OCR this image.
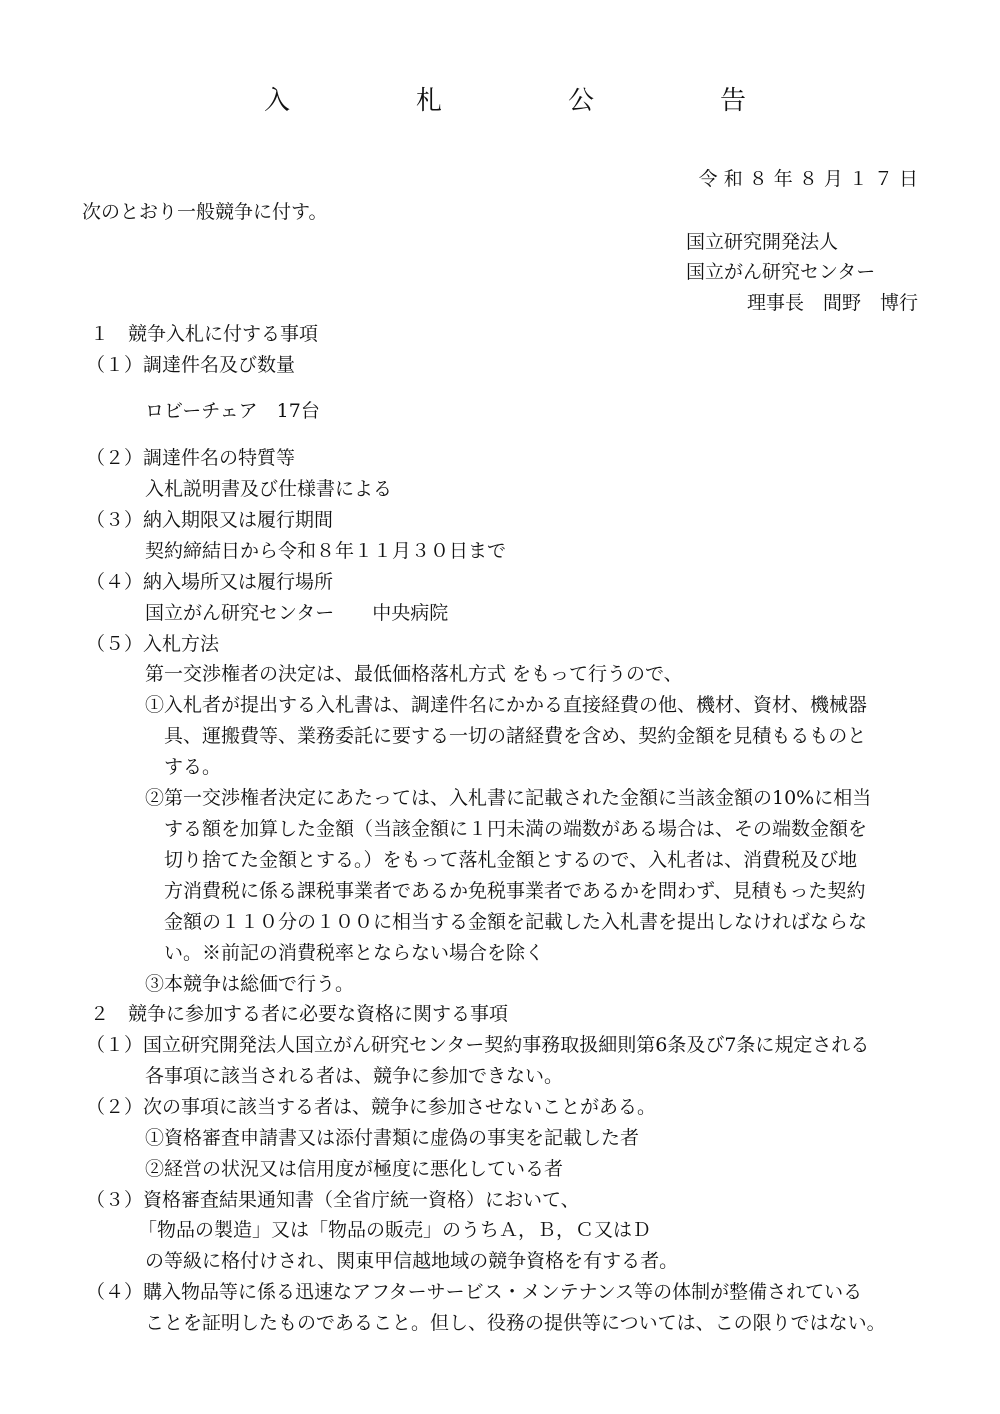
入　札　公　告
令 和 ８ 年 ８ 月 １ ７ 日
次のとおり一般競争に付す。
国立研究開発法人
国立がん研究センター
理事長　間野　博行
１　競争入札に付する事項
（１）調達件名及び数量
ロビーチェア　17台
（２）調達件名の特質等
入札説明書及び仕様書による
（３）納入期限又は履行期間
契約締結日から令和８年１１月３０日まで
（４）納入場所又は履行場所
国立がん研究センター　　中央病院
（５）入札方法
第一交渉権者の決定は、最低価格落札方式 をもって行うので、
①入札者が提出する入札書は、調達件名にかかる直接経費の他、機材、資材、機械器
具、運搬費等、業務委託に要する一切の諸経費を含め、契約金額を見積もるものと
する。
②第一交渉権者決定にあたっては、入札書に記載された金額に当該金額の10%に相当
する額を加算した金額（当該金額に１円未満の端数がある場合は、その端数金額を
切り捨てた金額とする。）をもって落札金額とするので、入札者は、消費税及び地
方消費税に係る課税事業者であるか免税事業者であるかを問わず、見積もった契約
金額の１１０分の１００に相当する金額を記載した入札書を提出しなければならな
い。※前記の消費税率とならない場合を除く
③本競争は総価で行う。
２　競争に参加する者に必要な資格に関する事項
（１）国立研究開発法人国立がん研究センター契約事務取扱細則第6条及び7条に規定される
各事項に該当される者は、競争に参加できない。
（２）次の事項に該当する者は、競争に参加させないことがある。
①資格審査申請書又は添付書類に虚偽の事実を記載した者
②経営の状況又は信用度が極度に悪化している者
（３）資格審査結果通知書（全省庁統一資格）において、
「物品の製造」又は「物品の販売」のうちＡ，Ｂ，Ｃ又はＤ
の等級に格付けされ、関東甲信越地域の競争資格を有する者。
（４）購入物品等に係る迅速なアフターサービス・メンテナンス等の体制が整備されている
ことを証明したものであること。但し、役務の提供等については、この限りではない。
